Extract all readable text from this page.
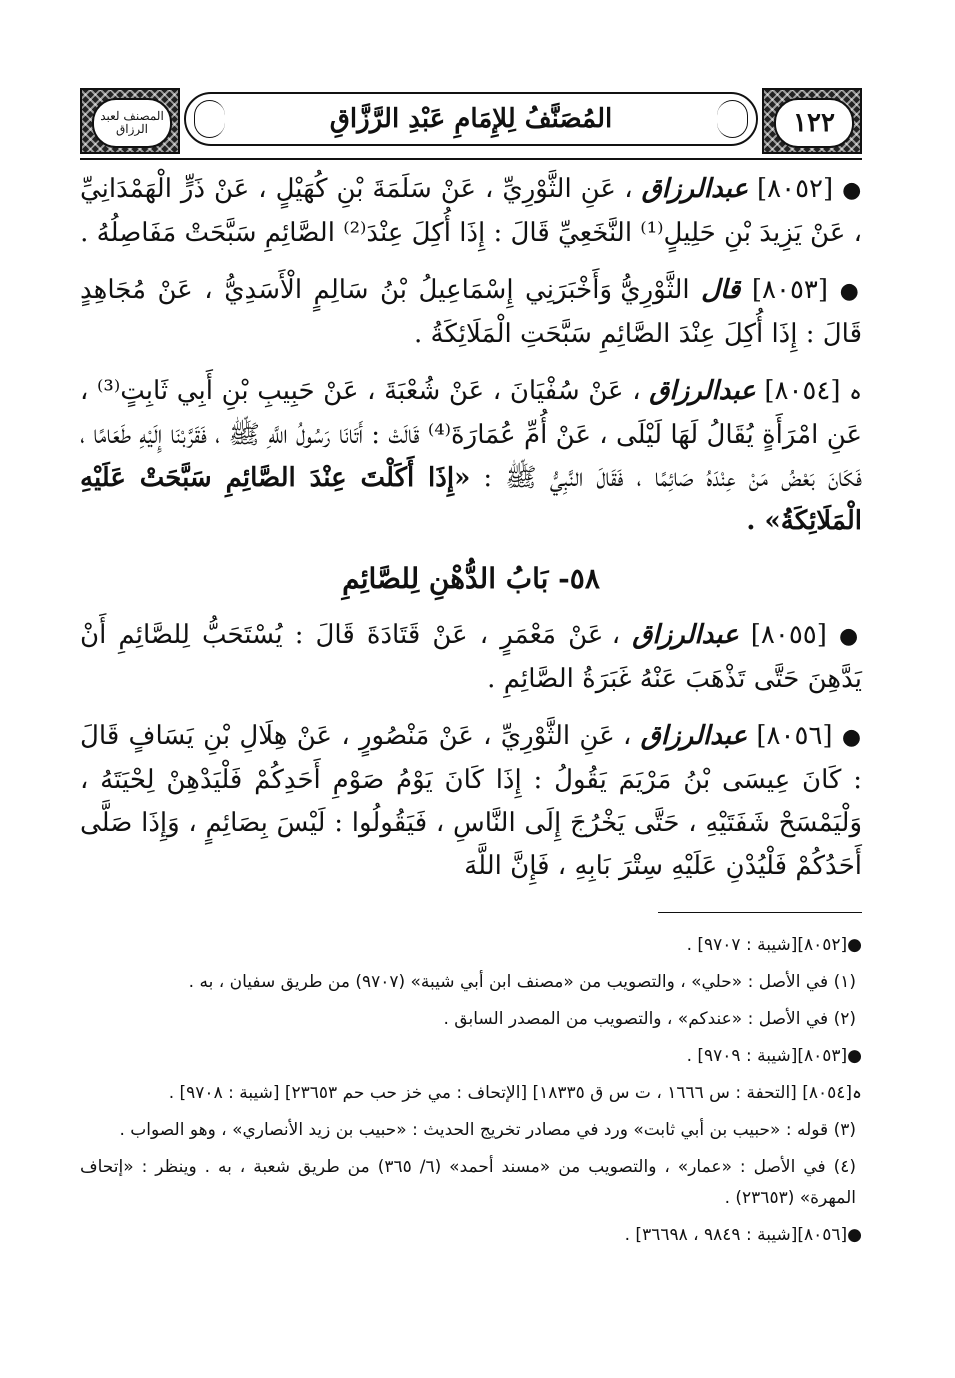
المصنف لعبد الرزاق	المُصَنَّفُ لِلإِمَامِ عَبْدِ الرَّزَّاقِ	١٢٢

● [٨٠٥٢] عبدالرزاق ، عَنِ الثَّوْرِيِّ ، عَنْ سَلَمَةَ بْنِ كُهَيْلٍ ، عَنْ ذَرٍّ الْهَمْدَانِيِّ ، عَنْ يَزِيدَ بْنِ حَلِيلٍ⁽¹⁾ النَّخَعِيِّ قَالَ : إِذَا أُكِلَ عِنْدَ⁽²⁾ الصَّائِمِ سَبَّحَتْ مَفَاصِلُهُ .

● [٨٠٥٣] قال الثَّوْرِيُّ وَأَخْبَرَنِي إِسْمَاعِيلُ بْنُ سَالِمٍ الْأَسَدِيُّ ، عَنْ مُجَاهِدٍ قَالَ : إِذَا أُكِلَ عِنْدَ الصَّائِمِ سَبَّحَتِ الْمَلَائِكَةُ .

ہ [٨٠٥٤] عبدالرزاق ، عَنْ سُفْيَانَ ، عَنْ شُعْبَةَ ، عَنْ حَبِيبِ بْنِ أَبِي ثَابِتٍ⁽³⁾ ، عَنِ امْرَأَةٍ يُقَالُ لَهَا لَيْلَى ، عَنْ أُمِّ عُمَارَةَ⁽⁴⁾ قَالَتْ : أَتَانَا رَسُولُ اللَّهِ ﷺ ، فَقَرَّبْنَا إِلَيْهِ طَعَامًا ، فَكَانَ بَعْضُ مَنْ عِنْدَهُ صَائِمًا ، فَقَالَ النَّبِيُّ ﷺ : «إِذَا أَكَلْتَ عِنْدَ الصَّائِمِ سَبَّحَتْ عَلَيْهِ الْمَلَائِكَةُ» .

٥٨- بَابُ الدُّهْنِ لِلصَّائِمِ

● [٨٠٥٥] عبدالرزاق ، عَنْ مَعْمَرٍ ، عَنْ قَتَادَةَ قَالَ : يُسْتَحَبُّ لِلصَّائِمِ أَنْ يَدَّهِنَ حَتَّى تَذْهَبَ عَنْهُ غَبَرَةُ الصَّائِمِ .

● [٨٠٥٦] عبدالرزاق ، عَنِ الثَّوْرِيِّ ، عَنْ مَنْصُورٍ ، عَنْ هِلَالِ بْنِ يَسَافٍ قَالَ : كَانَ عِيسَى بْنُ مَرْيَمَ يَقُولُ : إِذَا كَانَ يَوْمُ صَوْمِ أَحَدِكُمْ فَلْيَدْهِنْ لِحْيَتَهُ ، وَلْيَمْسَحْ شَفَتَيْهِ ، حَتَّى يَخْرُجَ إِلَى النَّاسِ ، فَيَقُولُوا : لَيْسَ بِصَائِمٍ ، وَإِذَا صَلَّى أَحَدُكُمْ فَلْيُدْنِ عَلَيْهِ سِتْرَ بَابِهِ ، فَإِنَّ اللَّهَ

●[٨٠٥٢][شيبة : ٩٧٠٧] .

(١) في الأصل : «حلي» ، والتصويب من «مصنف ابن أبي شيبة» (٩٧٠٧) من طريق سفيان ، به .

(٢) في الأصل : «عندكم» ، والتصويب من المصدر السابق .

●[٨٠٥٣][شيبة : ٩٧٠٩] .

ہ[٨٠٥٤] [التحفة : س ١٦٦٦ ، ت س ق ١٨٣٣٥] [الإتحاف : مي خز حب حم ٢٣٦٥٣] [شيبة : ٩٧٠٨] .

(٣) قوله : «حبيب بن أبي ثابت» ورد في مصادر تخريج الحديث : «حبيب بن زيد الأنصاري» ، وهو الصواب .

(٤) في الأصل : «عمار» ، والتصويب من «مسند أحمد» (٦/ ٣٦٥) من طريق شعبة ، به . وينظر : «إتحاف المهرة» (٢٣٦٥٣) .

●[٨٠٥٦][شيبة : ٩٨٤٩ ، ٣٦٦٩٨] .
